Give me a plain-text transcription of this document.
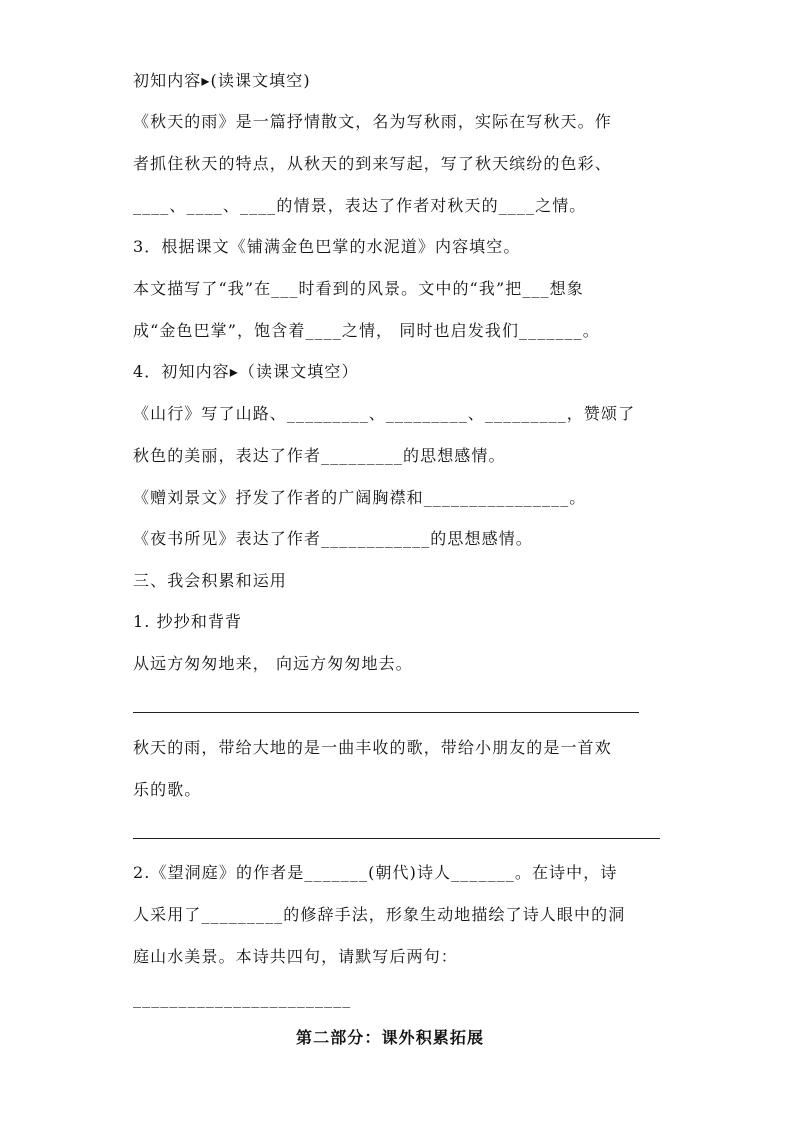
初知内容▸(读课文填空)
《秋天的雨》是一篇抒情散文，名为写秋雨，实际在写秋天。作
者抓住秋天的特点，从秋天的到来写起，写了秋天缤纷的色彩、
____、____、____的情景，表达了作者对秋天的____之情。
3．根据课文《铺满金色巴掌的水泥道》内容填空。
本文描写了“我”在___时看到的风景。文中的“我”把___想象
成“金色巴掌”，饱含着____之情， 同时也启发我们_______。
4．初知内容▸（读课文填空）
《山行》写了山路、_________、_________、_________，赞颂了
秋色的美丽，表达了作者_________的思想感情。
《赠刘景文》抒发了作者的广阔胸襟和________________。
《夜书所见》表达了作者____________的思想感情。
三、我会积累和运用
1. 抄抄和背背
从远方匆匆地来， 向远方匆匆地去。
秋天的雨，带给大地的是一曲丰收的歌，带给小朋友的是一首欢
乐的歌。
2.《望洞庭》的作者是_______(朝代)诗人_______。在诗中，诗
人采用了_________的修辞手法，形象生动地描绘了诗人眼中的洞
庭山水美景。本诗共四句，请默写后两句：
________________________
第二部分：课外积累拓展
